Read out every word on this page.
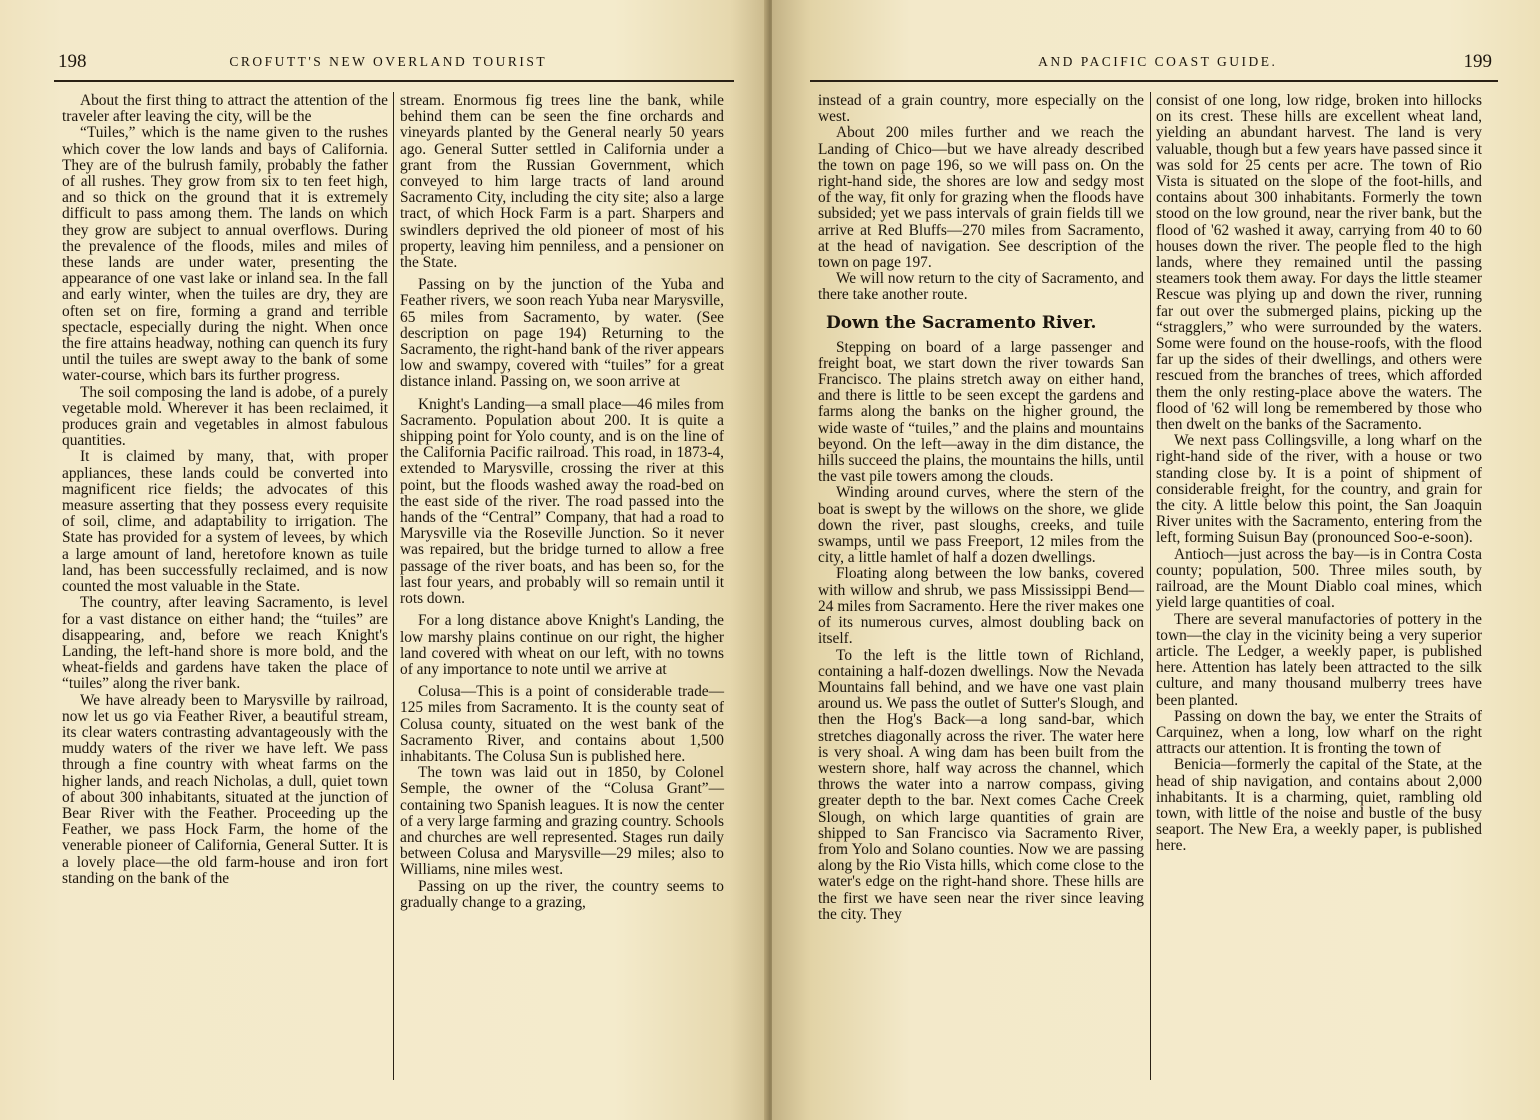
198	CROFUTT'S NEW OVERLAND TOURIST

About the first thing to attract the attention of the traveler after leaving the city, will be the

“Tuiles,” which is the name given to the rushes which cover the low lands and bays of California. They are of the bulrush family, probably the father of all rushes. They grow from six to ten feet high, and so thick on the ground that it is extremely difficult to pass among them. The lands on which they grow are subject to annual overflows. During the prevalence of the floods, miles and miles of these lands are under water, presenting the appearance of one vast lake or inland sea. In the fall and early winter, when the tuiles are dry, they are often set on fire, forming a grand and terrible spectacle, especially during the night. When once the fire attains headway, nothing can quench its fury until the tuiles are swept away to the bank of some water-course, which bars its further progress.

The soil composing the land is adobe, of a purely vegetable mold. Wherever it has been reclaimed, it produces grain and vegetables in almost fabulous quantities.

It is claimed by many, that, with proper appliances, these lands could be converted into magnificent rice fields; the advocates of this measure asserting that they possess every requisite of soil, clime, and adaptability to irrigation. The State has provided for a system of levees, by which a large amount of land, heretofore known as tuile land, has been successfully reclaimed, and is now counted the most valuable in the State.

The country, after leaving Sacramento, is level for a vast distance on either hand; the “tuiles” are disappearing, and, before we reach Knight's Landing, the left-hand shore is more bold, and the wheat-fields and gardens have taken the place of “tuiles” along the river bank.

We have already been to Marysville by railroad, now let us go via Feather River, a beautiful stream, its clear waters contrasting advantageously with the muddy waters of the river we have left. We pass through a fine country with wheat farms on the higher lands, and reach Nicholas, a dull, quiet town of about 300 inhabitants, situated at the junction of Bear River with the Feather. Proceeding up the Feather, we pass Hock Farm, the home of the venerable pioneer of California, General Sutter. It is a lovely place—the old farm-house and iron fort standing on the bank of the

stream. Enormous fig trees line the bank, while behind them can be seen the fine orchards and vineyards planted by the General nearly 50 years ago. General Sutter settled in California under a grant from the Russian Government, which conveyed to him large tracts of land around Sacramento City, including the city site; also a large tract, of which Hock Farm is a part. Sharpers and swindlers deprived the old pioneer of most of his property, leaving him penniless, and a pensioner on the State.

Passing on by the junction of the Yuba and Feather rivers, we soon reach Yuba near Marysville, 65 miles from Sacramento, by water. (See description on page 194) Returning to the Sacramento, the right-hand bank of the river appears low and swampy, covered with “tuiles” for a great distance inland. Passing on, we soon arrive at

Knight's Landing—a small place—46 miles from Sacramento. Population about 200. It is quite a shipping point for Yolo county, and is on the line of the California Pacific railroad. This road, in 1873-4, extended to Marysville, crossing the river at this point, but the floods washed away the road-bed on the east side of the river. The road passed into the hands of the “Central” Company, that had a road to Marysville via the Roseville Junction. So it never was repaired, but the bridge turned to allow a free passage of the river boats, and has been so, for the last four years, and probably will so remain until it rots down.

For a long distance above Knight's Landing, the low marshy plains continue on our right, the higher land covered with wheat on our left, with no towns of any importance to note until we arrive at

Colusa—This is a point of considerable trade—125 miles from Sacramento. It is the county seat of Colusa county, situated on the west bank of the Sacramento River, and contains about 1,500 inhabitants. The Colusa Sun is published here.

The town was laid out in 1850, by Colonel Semple, the owner of the “Colusa Grant”—containing two Spanish leagues. It is now the center of a very large farming and grazing country. Schools and churches are well represented. Stages run daily between Colusa and Marysville—29 miles; also to Williams, nine miles west.

Passing on up the river, the country seems to gradually change to a grazing,

AND PACIFIC COAST GUIDE.	199

instead of a grain country, more especially on the west.

About 200 miles further and we reach the Landing of Chico—but we have already described the town on page 196, so we will pass on. On the right-hand side, the shores are low and sedgy most of the way, fit only for grazing when the floods have subsided; yet we pass intervals of grain fields till we arrive at Red Bluffs—270 miles from Sacramento, at the head of navigation. See description of the town on page 197.

We will now return to the city of Sacramento, and there take another route.

Down the Sacramento River.

Stepping on board of a large passenger and freight boat, we start down the river towards San Francisco. The plains stretch away on either hand, and there is little to be seen except the gardens and farms along the banks on the higher ground, the wide waste of “tuiles,” and the plains and mountains beyond. On the left—away in the dim distance, the hills succeed the plains, the mountains the hills, until the vast pile towers among the clouds.

Winding around curves, where the stern of the boat is swept by the willows on the shore, we glide down the river, past sloughs, creeks, and tuile swamps, until we pass Freeport, 12 miles from the city, a little hamlet of half a dozen dwellings.

Floating along between the low banks, covered with willow and shrub, we pass Mississippi Bend—24 miles from Sacramento. Here the river makes one of its numerous curves, almost doubling back on itself.

To the left is the little town of Richland, containing a half-dozen dwellings. Now the Nevada Mountains fall behind, and we have one vast plain around us. We pass the outlet of Sutter's Slough, and then the Hog's Back—a long sand-bar, which stretches diagonally across the river. The water here is very shoal. A wing dam has been built from the western shore, half way across the channel, which throws the water into a narrow compass, giving greater depth to the bar. Next comes Cache Creek Slough, on which large quantities of grain are shipped to San Francisco via Sacramento River, from Yolo and Solano counties. Now we are passing along by the Rio Vista hills, which come close to the water's edge on the right-hand shore. These hills are the first we have seen near the river since leaving the city. They

consist of one long, low ridge, broken into hillocks on its crest. These hills are excellent wheat land, yielding an abundant harvest. The land is very valuable, though but a few years have passed since it was sold for 25 cents per acre. The town of Rio Vista is situated on the slope of the foot-hills, and contains about 300 inhabitants. Formerly the town stood on the low ground, near the river bank, but the flood of '62 washed it away, carrying from 40 to 60 houses down the river. The people fled to the high lands, where they remained until the passing steamers took them away. For days the little steamer Rescue was plying up and down the river, running far out over the submerged plains, picking up the “stragglers,” who were surrounded by the waters. Some were found on the house-roofs, with the flood far up the sides of their dwellings, and others were rescued from the branches of trees, which afforded them the only resting-place above the waters. The flood of '62 will long be remembered by those who then dwelt on the banks of the Sacramento.

We next pass Collingsville, a long wharf on the right-hand side of the river, with a house or two standing close by. It is a point of shipment of considerable freight, for the country, and grain for the city. A little below this point, the San Joaquin River unites with the Sacramento, entering from the left, forming Suisun Bay (pronounced Soo-e-soon).

Antioch—just across the bay—is in Contra Costa county; population, 500. Three miles south, by railroad, are the Mount Diablo coal mines, which yield large quantities of coal.

There are several manufactories of pottery in the town—the clay in the vicinity being a very superior article. The Ledger, a weekly paper, is published here. Attention has lately been attracted to the silk culture, and many thousand mulberry trees have been planted.

Passing on down the bay, we enter the Straits of Carquinez, when a long, low wharf on the right attracts our attention. It is fronting the town of

Benicia—formerly the capital of the State, at the head of ship navigation, and contains about 2,000 inhabitants. It is a charming, quiet, rambling old town, with little of the noise and bustle of the busy seaport. The New Era, a weekly paper, is published here.
